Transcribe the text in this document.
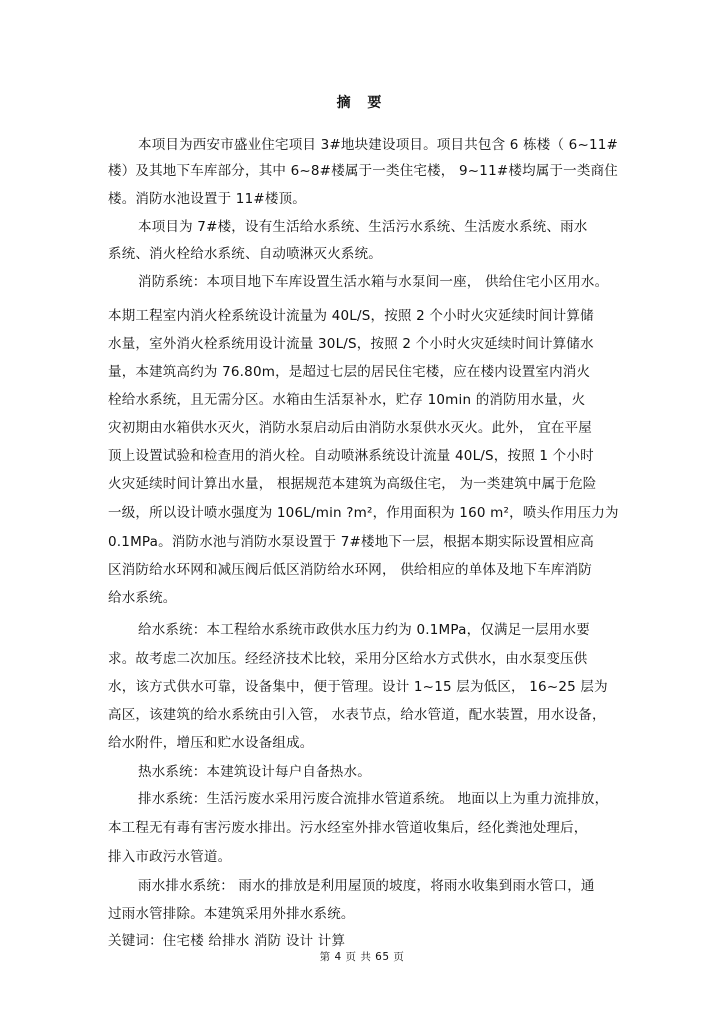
摘 要
本项目为西安市盛业住宅项目 3#地块建设项目。项目共包含 6 栋楼（ 6~11#
楼）及其地下车库部分，其中 6~8#楼属于一类住宅楼， 9~11#楼均属于一类商住
楼。消防水池设置于 11#楼顶。
本项目为 7#楼，设有生活给水系统、生活污水系统、生活废水系统、雨水
系统、消火栓给水系统、自动喷淋灭火系统。
消防系统：本项目地下车库设置生活水箱与水泵间一座， 供给住宅小区用水。
本期工程室内消火栓系统设计流量为 40L/S，按照 2 个小时火灾延续时间计算储
水量，室外消火栓系统用设计流量 30L/S，按照 2 个小时火灾延续时间计算储水
量，本建筑高约为 76.80m，是超过七层的居民住宅楼，应在楼内设置室内消火
栓给水系统，且无需分区。水箱由生活泵补水，贮存 10min 的消防用水量，火
灾初期由水箱供水灭火，消防水泵启动后由消防水泵供水灭火。此外， 宜在平屋
顶上设置试验和检查用的消火栓。自动喷淋系统设计流量 40L/S，按照 1 个小时
火灾延续时间计算出水量， 根据规范本建筑为高级住宅， 为一类建筑中属于危险
一级，所以设计喷水强度为 106L/min ?m²，作用面积为 160 m²，喷头作用压力为
0.1MPa。消防水池与消防水泵设置于 7#楼地下一层，根据本期实际设置相应高
区消防给水环网和减压阀后低区消防给水环网， 供给相应的单体及地下车库消防
给水系统。
给水系统：本工程给水系统市政供水压力约为 0.1MPa，仅满足一层用水要
求。故考虑二次加压。经经济技术比较，采用分区给水方式供水，由水泵变压供
水，该方式供水可靠，设备集中，便于管理。设计 1~15 层为低区， 16~25 层为
高区，该建筑的给水系统由引入管， 水表节点，给水管道，配水装置，用水设备，
给水附件，增压和贮水设备组成。
热水系统：本建筑设计每户自备热水。
排水系统：生活污废水采用污废合流排水管道系统。 地面以上为重力流排放，
本工程无有毒有害污废水排出。污水经室外排水管道收集后，经化粪池处理后，
排入市政污水管道。
雨水排水系统： 雨水的排放是利用屋顶的坡度，将雨水收集到雨水管口，通
过雨水管排除。本建筑采用外排水系统。
关键词：住宅楼 给排水 消防 设计 计算
第 4 页 共 65 页
